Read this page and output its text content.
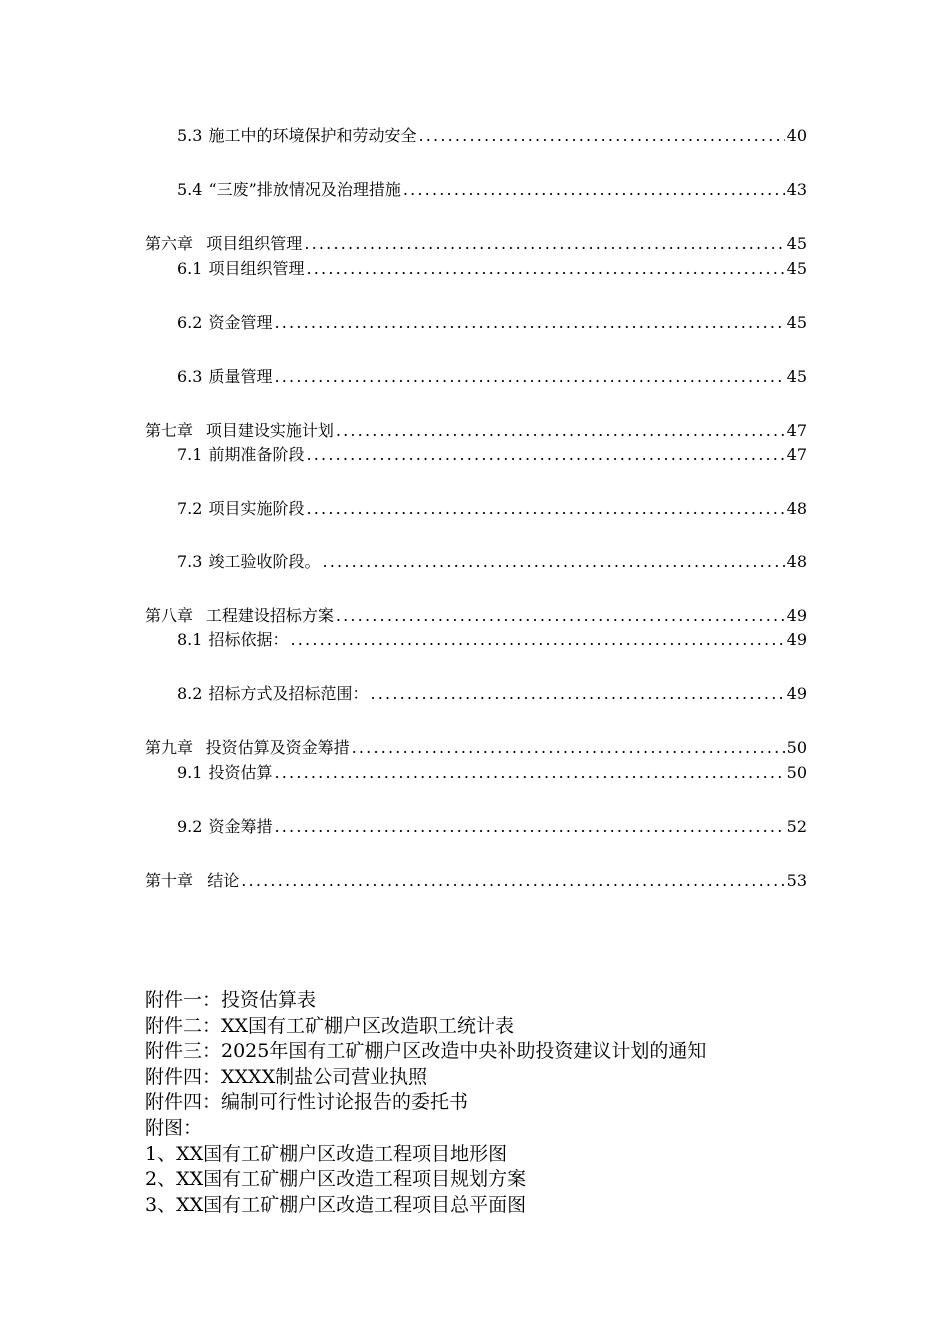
5.3 施工中的环境保护和劳动安全 .....	40
5.4 “三废”排放情况及治理措施 .....	43
第六章 项目组织管理 .....	45
6.1 项目组织管理 .....	45
6.2 资金管理 .....	45
6.3 质量管理 .....	45
第七章 项目建设实施计划 .....	47
7.1 前期准备阶段 .....	47
7.2 项目实施阶段 .....	48
7.3 竣工验收阶段。 .....	48
第八章 工程建设招标方案 .....	49
8.1 招标依据： .....	49
8.2 招标方式及招标范围： .....	49
第九章 投资估算及资金筹措 .....	50
9.1 投资估算 .....	50
9.2 资金筹措 .....	52
第十章 结论 .....	53
附件一：投资估算表
附件二：XX国有工矿棚户区改造职工统计表
附件三：2025年国有工矿棚户区改造中央补助投资建议计划的通知
附件四：XXXX制盐公司营业执照
附件四：编制可行性讨论报告的委托书
附图：
1、XX国有工矿棚户区改造工程项目地形图
2、XX国有工矿棚户区改造工程项目规划方案
3、XX国有工矿棚户区改造工程项目总平面图
